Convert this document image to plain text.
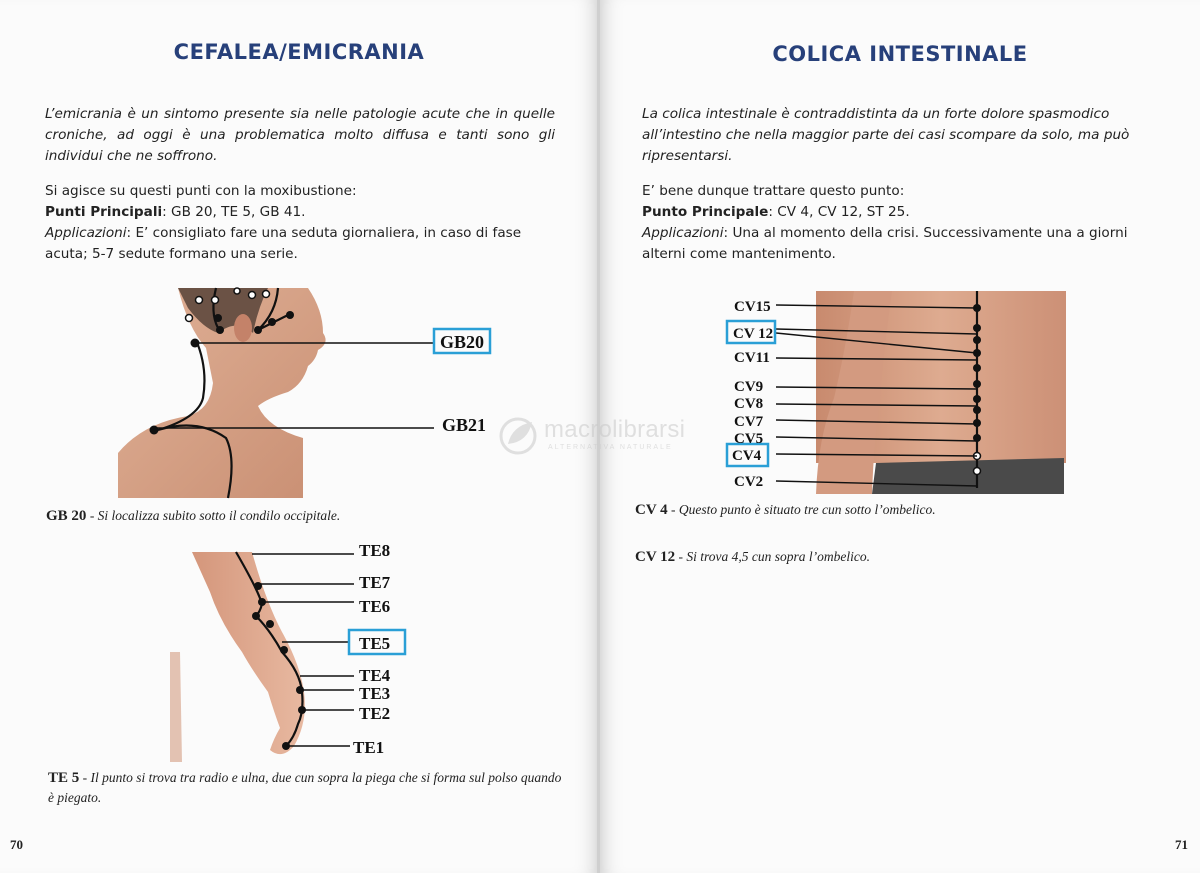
CEFALEA/EMICRANIA

L’emicrania è un sintomo presente sia nelle patologie acute che in quelle croniche, ad oggi è una problematica molto diffusa e tanti sono gli individui che ne soffrono.

Si agisce su questi punti con la moxibustione:

Punti Principali: GB 20, TE 5, GB 41.

Applicazioni: E’ consigliato fare una seduta giornaliera, in caso di fase acuta; 5-7 sedute formano una serie.

GB20
GB21
GB 20 - Si localizza subito sotto il condilo occipitale.
TE8
TE7
TE6
TE5
TE4
TE3
TE2
TE1
TE 5 - Il punto si trova tra radio e ulna, due cun sopra la piega che si forma sul polso quando è piegato.
70
COLICA INTESTINALE

La colica intestinale è contraddistinta da un forte dolore spasmodico all’intestino che nella maggior parte dei casi scompare da solo, ma può ripresentarsi.

E’ bene dunque trattare questo punto:

Punto Principale: CV 4, CV 12, ST 25.

Applicazioni: Una al momento della crisi. Successivamente una a giorni alterni come mantenimento.

CV15
CV 12
CV11
CV9
CV8
CV7
CV5
CV4
CV2
CV 4 - Questo punto è situato tre cun sotto l’ombelico.
CV 12 - Si trova 4,5 cun sopra l’ombelico.
71
macrolibrarsi
ALTERNATIVA NATURALE
